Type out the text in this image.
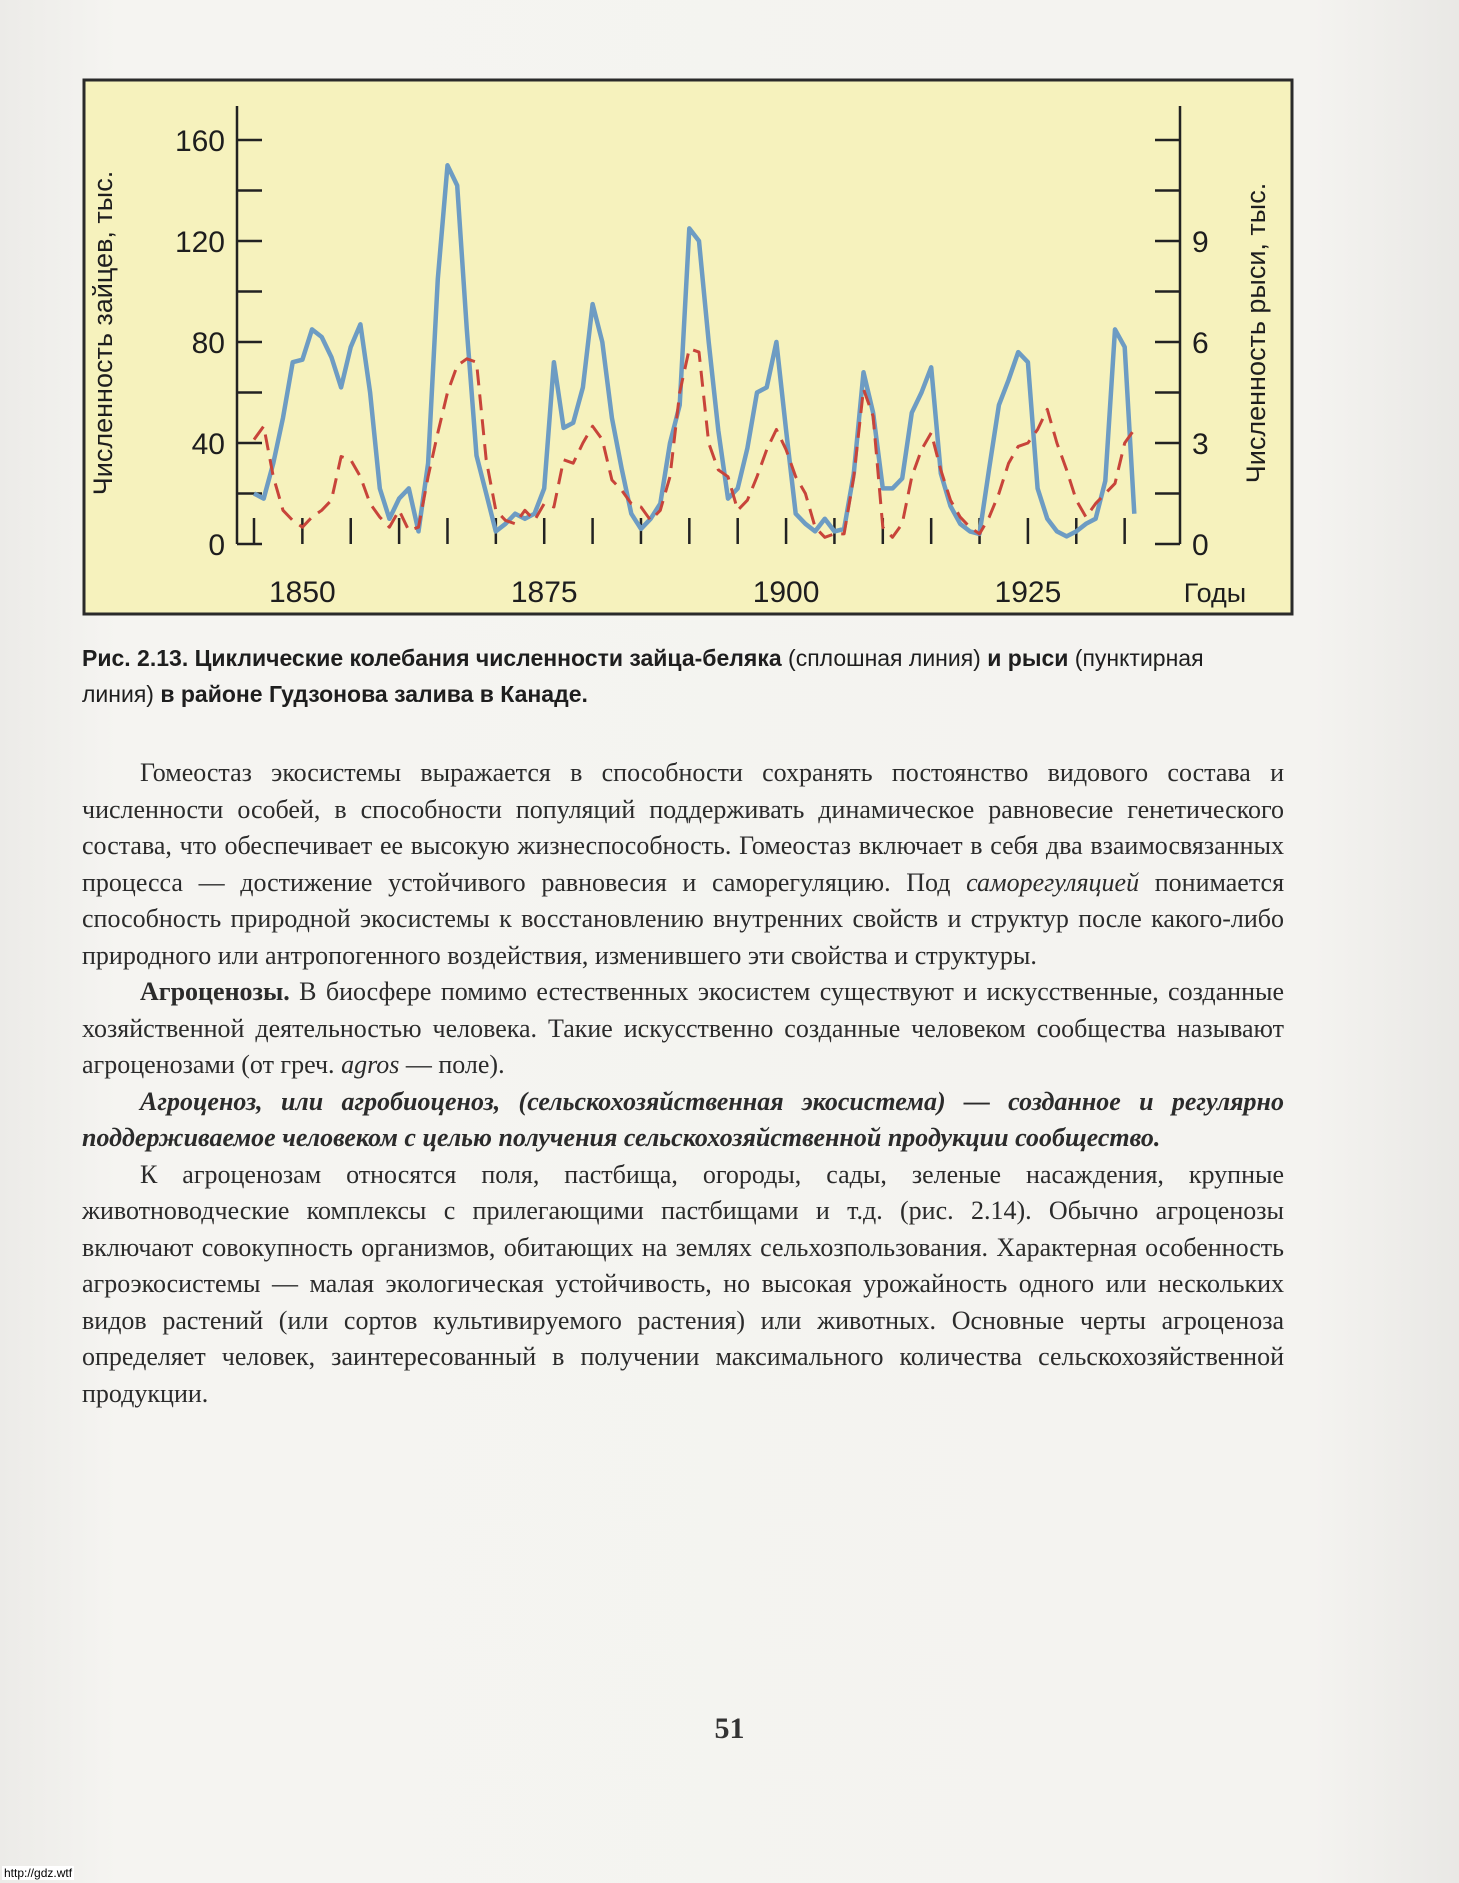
0
40
80
120
160
0
3
6
9
1850	1875	1900	1925
Численность зайцев, тыс.	Численность рыси, тыс.
Годы
Рис. 2.13. Циклические колебания численности зайца-беляка (сплошная линия) и рыси (пунктирная линия) в районе Гудзонова залива в Канаде.

Гомеостаз экосистемы выражается в способности сохранять постоянство видового состава и численности особей, в способности популяций поддерживать динамическое равновесие генетического состава, что обеспечивает ее высокую жизнеспособность. Гомеостаз включает в себя два взаимосвязанных процесса — достижение устойчивого равновесия и саморегуляцию. Под саморегуляцией понимается способность природной экосистемы к восстановлению внутренних свойств и структур после какого-либо природного или антропогенного воздействия, изменившего эти свойства и структуры.

Агроценозы. В биосфере помимо естественных экосистем существуют и искусственные, созданные хозяйственной деятельностью человека. Такие искусственно созданные человеком сообщества называют агроценозами (от греч. agros — поле).

Агроценоз, или агробиоценоз, (сельскохозяйственная экосистема) — созданное и регулярно поддерживаемое человеком с целью получения сельскохозяйственной продукции сообщество.

К агроценозам относятся поля, пастбища, огороды, сады, зеленые насаждения, крупные животноводческие комплексы с прилегающими пастбищами и т.д. (рис. 2.14). Обычно агроценозы включают совокупность организмов, обитающих на землях сельхозпользования. Характерная особенность агроэкосистемы — малая экологическая устойчивость, но высокая урожайность одного или нескольких видов растений (или сортов культивируемого растения) или животных. Основные черты агроценоза определяет человек, заинтересованный в получении максимального количества сельскохозяйственной продукции.

51
http://gdz.wtf
